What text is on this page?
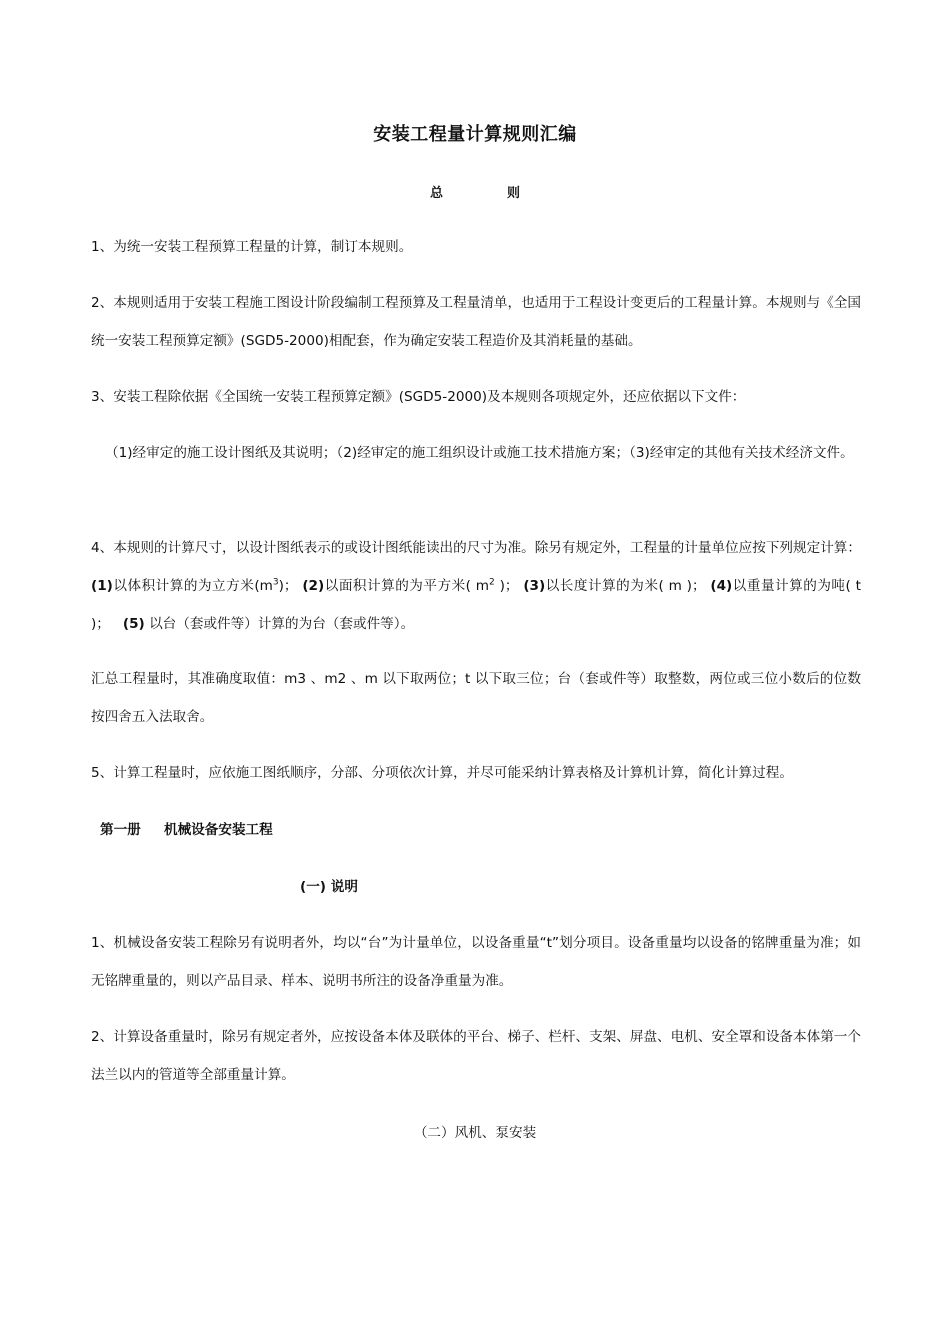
安装工程量计算规则汇编
总	则
1、为统一安装工程预算工程量的计算，制订本规则。
2、本规则适用于安装工程施工图设计阶段编制工程预算及工程量清单，也适用于工程设计变更后的工程量计算。本规则与《全国统一安装工程预算定额》(SGD5-2000)相配套，作为确定安装工程造价及其消耗量的基础。
3、安装工程除依据《全国统一安装工程预算定额》(SGD5-2000)及本规则各项规定外，还应依据以下文件：
（1)经审定的施工设计图纸及其说明；（2)经审定的施工组织设计或施工技术措施方案；（3)经审定的其他有关技术经济文件。
4、本规则的计算尺寸，以设计图纸表示的或设计图纸能读出的尺寸为准。除另有规定外，工程量的计量单位应按下列规定计算：(1)以体积计算的为立方米$(m^3)$； (2)以面积计算的为平方米( $m^2$ )； (3)以长度计算的为米( m )； (4)以重量计算的为吨( t )； (5) 以台（套或件等）计算的为台（套或件等）。
汇总工程量时，其准确度取值：m3 、m2 、m 以下取两位；t 以下取三位；台（套或件等）取整数，两位或三位小数后的位数按四舍五入法取舍。
5、计算工程量时，应依施工图纸顺序，分部、分项依次计算，并尽可能采纳计算表格及计算机计算，简化计算过程。
第一册 机械设备安装工程
(一) 说明
1、机械设备安装工程除另有说明者外，均以“台”为计量单位，以设备重量“t”划分项目。设备重量均以设备的铭牌重量为准；如无铭牌重量的，则以产品目录、样本、说明书所注的设备净重量为准。
2、计算设备重量时，除另有规定者外，应按设备本体及联体的平台、梯子、栏杆、支架、屏盘、电机、安全罩和设备本体第一个法兰以内的管道等全部重量计算。
（二）风机、泵安装
